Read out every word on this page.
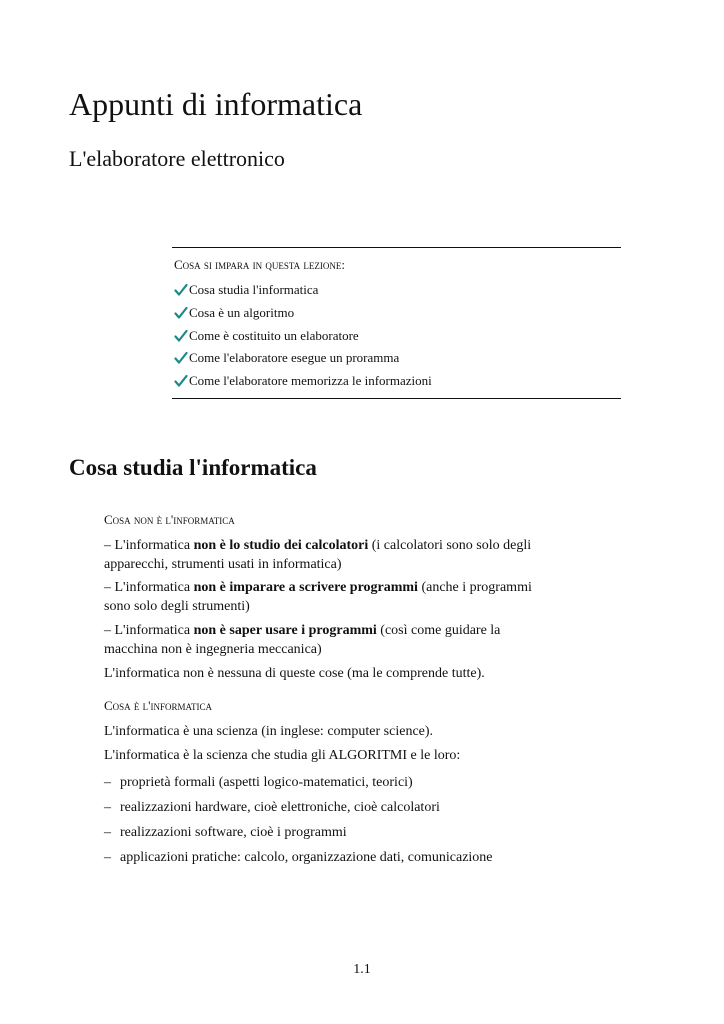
Appunti di informatica
L'elaboratore elettronico
Cosa si impara in questa lezione:
Cosa studia l'informatica
Cosa è un algoritmo
Come è costituito un elaboratore
Come l'elaboratore esegue un proramma
Come l'elaboratore memorizza le informazioni
Cosa studia l'informatica
Cosa non è l'informatica

– L'informatica non è lo studio dei calcolatori (i calcolatori sono solo degli apparecchi, strumenti usati in informatica)

– L'informatica non è imparare a scrivere programmi (anche i programmi sono solo degli strumenti)

– L'informatica non è saper usare i programmi (così come guidare la macchina non è ingegneria meccanica)

L'informatica non è nessuna di queste cose (ma le comprende tutte).

Cosa è l'informatica

L'informatica è una scienza (in inglese: computer science).

L'informatica è la scienza che studia gli ALGORITMI e le loro:

– proprietà formali (aspetti logico-matematici, teorici)
– realizzazioni hardware, cioè elettroniche, cioè calcolatori
– realizzazioni software, cioè i programmi
– applicazioni pratiche: calcolo, organizzazione dati, comunicazione
1.1
